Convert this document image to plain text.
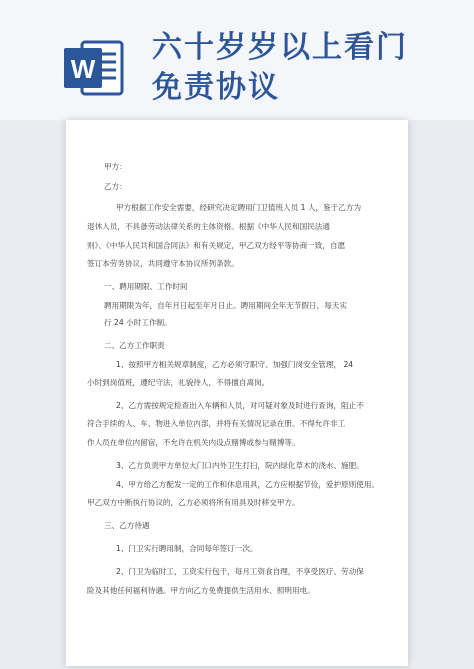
W
六十岁岁以上看门
免责协议
甲方：
乙方：
甲方根据工作安全需要，经研究决定聘用门卫值班人员 1 人，鉴于乙方为
退休人员，不具备劳动法律关系的主体资格。根据《中华人民和国民法通
则》、《中华人民共和国合同法》和有关规定，甲乙双方经平等协商一致，自愿
签订本劳务协议，共同遵守本协议所列条款。
一、聘用期限、工作时间
聘用期限为年，自年月日起至年月日止。聘用期间全年无节假日，每天实
行 24 小时工作制。
二、乙方工作职责
1、按照甲方相关规章制度，乙方必须守职守、加强门岗安全管理， 24
小时到岗值班，遵纪守法，礼貌待人，不得擅自离岗。
2、乙方需按规定检查出入车辆和人员，对可疑对象及时进行查询，阻止不
符合手续的人、车、物进入单位内部，并将有关情况记录在册。不得允许非工
作人员在单位内留宿，不允许在机关内设点赌博或参与赌博等。
3、乙方负责甲方单位大门口内外卫生打扫，院内绿化草木的浇水、施肥。
4、甲方给乙方配发一定的工作和休息用具，乙方应根据节俭，爱护原则使用。
甲乙双方中断执行协议的，乙方必须将所有用具及时移交甲方。
三、乙方待遇
1、门卫实行聘用制，合同每年签订一次。
2、门卫为临时工，工资实行包干，每月工资食自理，不享受医疗、劳动保
险及其他任何福利待遇。甲方向乙方免费提供生活用水、照明用电。
